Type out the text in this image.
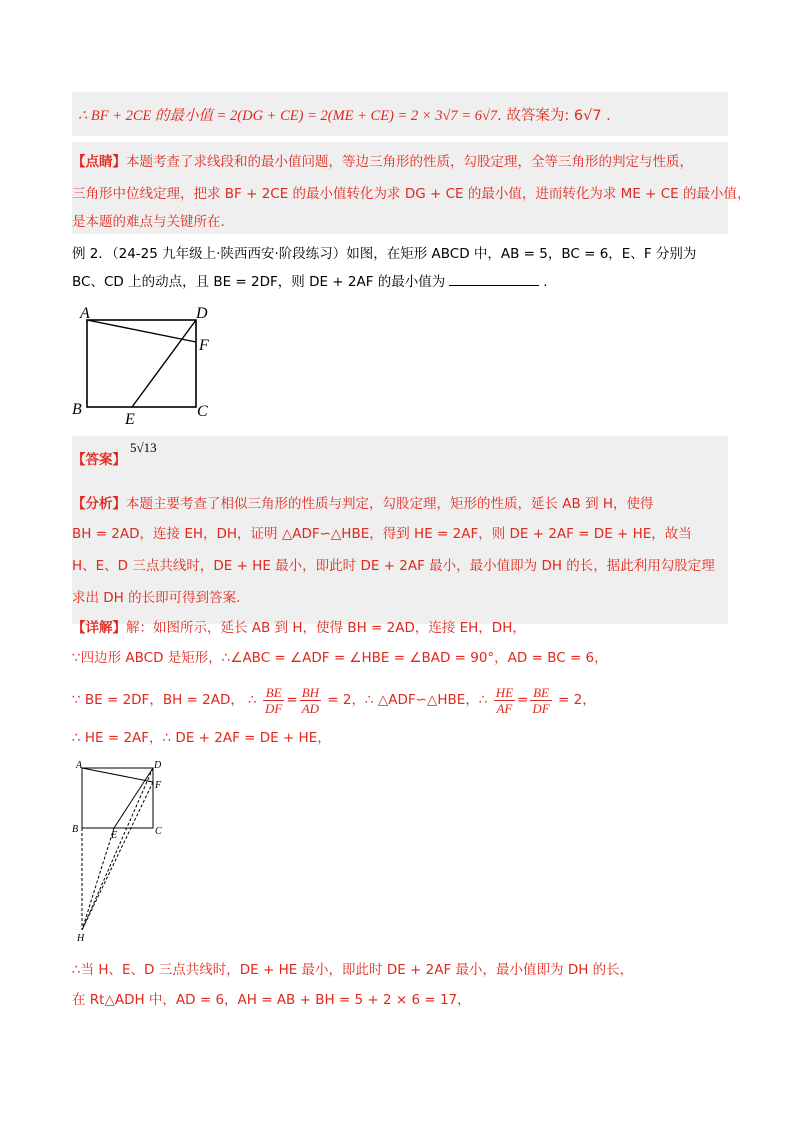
∴ BF + 2CE 的最小值 = 2(DG + CE) = 2(ME + CE) = 2 × 3√7 = 6√7. 故答案为: 6√7 .
【点睛】本题考查了求线段和的最小值问题，等边三角形的性质，勾股定理，全等三角形的判定与性质，
三角形中位线定理，把求 BF + 2CE 的最小值转化为求 DG + CE 的最小值，进而转化为求 ME + CE 的最小值，
是本题的难点与关键所在.
例 2．（24-25 九年级上·陕西西安·阶段练习）如图，在矩形 ABCD 中，AB = 5，BC = 6，E、F 分别为
BC、CD 上的动点，且 BE = 2DF，则 DE + 2AF 的最小值为	.
A	D
F
B
E	C
【答案】
5√13
【分析】本题主要考查了相似三角形的性质与判定，勾股定理，矩形的性质，延长 AB 到 H，使得
BH = 2AD，连接 EH，DH，证明 △ADF∽△HBE，得到 HE = 2AF，则 DE + 2AF = DE + HE，故当
H、E、D 三点共线时，DE + HE 最小，即此时 DE + 2AF 最小，最小值即为 DH 的长，据此利用勾股定理
求出 DH 的长即可得到答案.
【详解】解：如图所示，延长 AB 到 H，使得 BH = 2AD，连接 EH，DH，
∵四边形 ABCD 是矩形，∴∠ABC = ∠ADF = ∠HBE = ∠BAD = 90°，AD = BC = 6，
∵ BE = 2DF，BH = 2AD， ∴ $\frac{BE}{DF} = \frac{BH}{AD} = 2$，∴ △ADF∽△HBE，∴ $\frac{HE}{AF} = \frac{BE}{DF} = 2$，
∴ HE = 2AF，∴ DE + 2AF = DE + HE，
A	D
F
B
E	C
H
∴当 H、E、D 三点共线时，DE + HE 最小，即此时 DE + 2AF 最小，最小值即为 DH 的长，
在 Rt△ADH 中，AD = 6，AH = AB + BH = 5 + 2 × 6 = 17，
